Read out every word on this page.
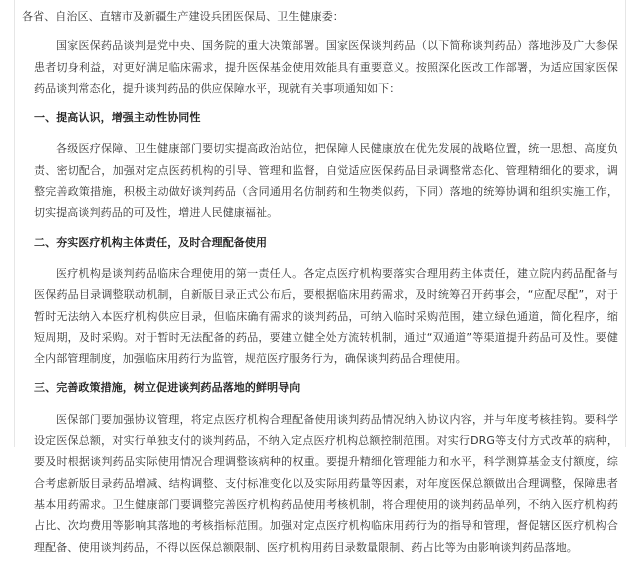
各省、自治区、直辖市及新疆生产建设兵团医保局、卫生健康委：

国家医保药品谈判是党中央、国务院的重大决策部署。国家医保谈判药品（以下简称谈判药品）落地涉及广大参保患者切身利益，对更好满足临床需求，提升医保基金使用效能具有重要意义。按照深化医改工作部署，为适应国家医保药品谈判常态化，提升谈判药品的供应保障水平，现就有关事项通知如下：

一、提高认识，增强主动性协同性

各级医疗保障、卫生健康部门要切实提高政治站位，把保障人民健康放在优先发展的战略位置，统一思想、高度负责、密切配合，加强对定点医药机构的引导、管理和监督，自觉适应医保药品目录调整常态化、管理精细化的要求，调整完善政策措施，积极主动做好谈判药品（含同通用名仿制药和生物类似药，下同）落地的统筹协调和组织实施工作，切实提高谈判药品的可及性，增进人民健康福祉。

二、夯实医疗机构主体责任，及时合理配备使用

医疗机构是谈判药品临床合理使用的第一责任人。各定点医疗机构要落实合理用药主体责任，建立院内药品配备与医保药品目录调整联动机制，自新版目录正式公布后，要根据临床用药需求，及时统筹召开药事会，“应配尽配”，对于暂时无法纳入本医疗机构供应目录，但临床确有需求的谈判药品，可纳入临时采购范围，建立绿色通道，简化程序，缩短周期，及时采购。对于暂时无法配备的药品，要建立健全处方流转机制，通过“双通道”等渠道提升药品可及性。要健全内部管理制度，加强临床用药行为监管，规范医疗服务行为，确保谈判药品合理使用。

三、完善政策措施，树立促进谈判药品落地的鲜明导向

医保部门要加强协议管理，将定点医疗机构合理配备使用谈判药品情况纳入协议内容，并与年度考核挂钩。要科学设定医保总额，对实行单独支付的谈判药品，不纳入定点医疗机构总额控制范围。对实行DRG等支付方式改革的病种，要及时根据谈判药品实际使用情况合理调整该病种的权重。要提升精细化管理能力和水平，科学测算基金支付额度，综合考虑新版目录药品增减、结构调整、支付标准变化以及实际用药量等因素，对年度医保总额做出合理调整，保障患者基本用药需求。卫生健康部门要调整完善医疗机构药品使用考核机制，将合理使用的谈判药品单列，不纳入医疗机构药占比、次均费用等影响其落地的考核指标范围。加强对定点医疗机构临床用药行为的指导和管理，督促辖区医疗机构合理配备、使用谈判药品，不得以医保总额限制、医疗机构用药目录数量限制、药占比等为由影响谈判药品落地。
